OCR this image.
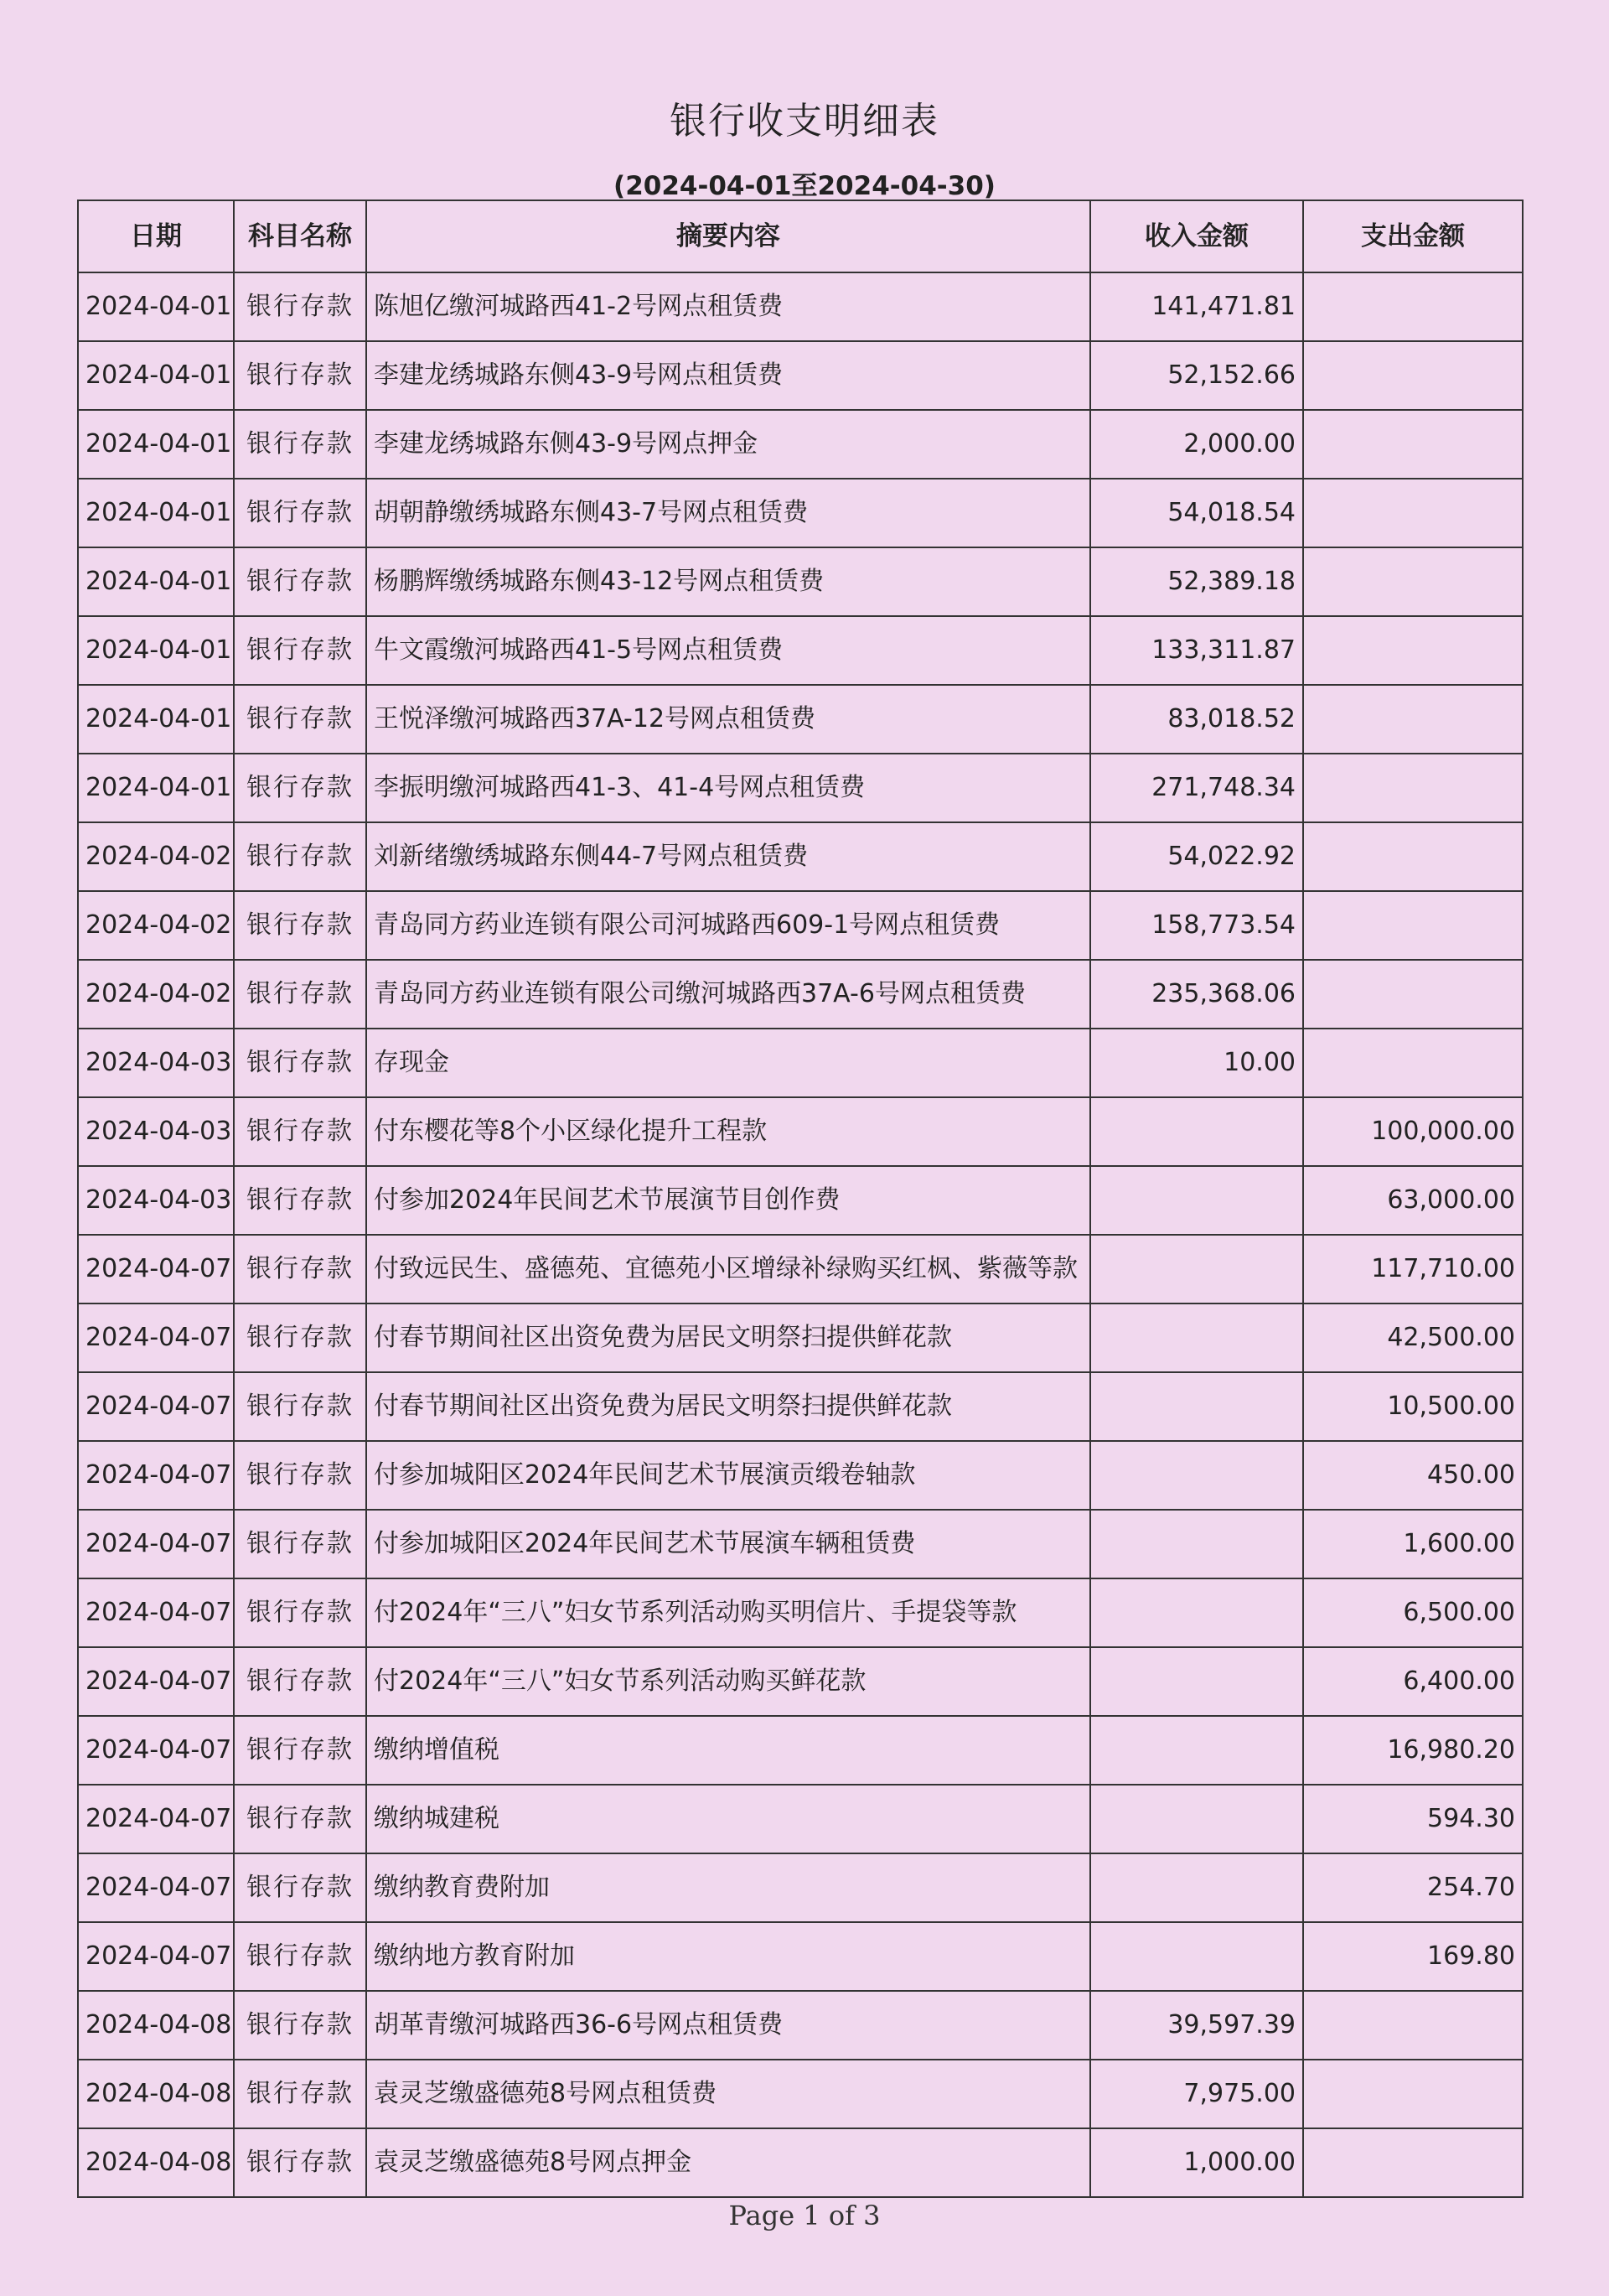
银行收支明细表
(2024-04-01至2024-04-30)
日期	科目名称	摘要内容	收入金额	支出金额
2024-04-01	银行存款	陈旭亿缴河城路西41-2号网点租赁费	141,471.81	
2024-04-01	银行存款	李建龙绣城路东侧43-9号网点租赁费	52,152.66	
2024-04-01	银行存款	李建龙绣城路东侧43-9号网点押金	2,000.00	
2024-04-01	银行存款	胡朝静缴绣城路东侧43-7号网点租赁费	54,018.54	
2024-04-01	银行存款	杨鹏辉缴绣城路东侧43-12号网点租赁费	52,389.18	
2024-04-01	银行存款	牛文霞缴河城路西41-5号网点租赁费	133,311.87	
2024-04-01	银行存款	王悦泽缴河城路西37A-12号网点租赁费	83,018.52	
2024-04-01	银行存款	李振明缴河城路西41-3、41-4号网点租赁费	271,748.34	
2024-04-02	银行存款	刘新绪缴绣城路东侧44-7号网点租赁费	54,022.92	
2024-04-02	银行存款	青岛同方药业连锁有限公司河城路西609-1号网点租赁费	158,773.54	
2024-04-02	银行存款	青岛同方药业连锁有限公司缴河城路西37A-6号网点租赁费	235,368.06	
2024-04-03	银行存款	存现金	10.00	
2024-04-03	银行存款	付东樱花等8个小区绿化提升工程款		100,000.00
2024-04-03	银行存款	付参加2024年民间艺术节展演节目创作费		63,000.00
2024-04-07	银行存款	付致远民生、盛德苑、宜德苑小区增绿补绿购买红枫、紫薇等款		117,710.00
2024-04-07	银行存款	付春节期间社区出资免费为居民文明祭扫提供鲜花款		42,500.00
2024-04-07	银行存款	付春节期间社区出资免费为居民文明祭扫提供鲜花款		10,500.00
2024-04-07	银行存款	付参加城阳区2024年民间艺术节展演贡缎卷轴款		450.00
2024-04-07	银行存款	付参加城阳区2024年民间艺术节展演车辆租赁费		1,600.00
2024-04-07	银行存款	付2024年“三八”妇女节系列活动购买明信片、手提袋等款		6,500.00
2024-04-07	银行存款	付2024年“三八”妇女节系列活动购买鲜花款		6,400.00
2024-04-07	银行存款	缴纳增值税		16,980.20
2024-04-07	银行存款	缴纳城建税		594.30
2024-04-07	银行存款	缴纳教育费附加		254.70
2024-04-07	银行存款	缴纳地方教育附加		169.80
2024-04-08	银行存款	胡革青缴河城路西36-6号网点租赁费	39,597.39	
2024-04-08	银行存款	袁灵芝缴盛德苑8号网点租赁费	7,975.00	
2024-04-08	银行存款	袁灵芝缴盛德苑8号网点押金	1,000.00	
Page 1 of 3
